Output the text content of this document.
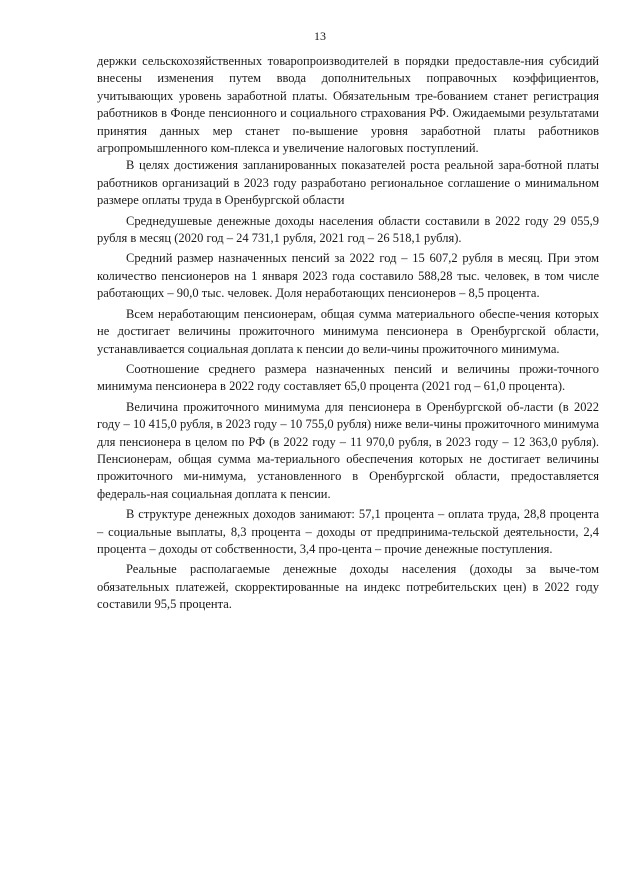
13

держки сельскохозяйственных товаропроизводителей в порядки предоставле-ния субсидий внесены изменения путем ввода дополнительных поправочных коэффициентов, учитывающих уровень заработной платы. Обязательным тре-бованием станет регистрация работников в Фонде пенсионного и социального страхования РФ. Ожидаемыми результатами принятия данных мер станет по-вышение уровня заработной платы работников агропромышленного ком-плекса и увеличение налоговых поступлений.

В целях достижения запланированных показателей роста реальной зара-ботной платы работников организаций в 2023 году разработано региональное соглашение о минимальном размере оплаты труда в Оренбургской области

Среднедушевые денежные доходы населения области составили в 2022 году 29 055,9 рубля в месяц (2020 год – 24 731,1 рубля, 2021 год – 26 518,1 рубля).

Средний размер назначенных пенсий за 2022 год – 15 607,2 рубля в месяц. При этом количество пенсионеров на 1 января 2023 года составило 588,28 тыс. человек, в том числе работающих – 90,0 тыс. человек. Доля неработающих пенсионеров – 8,5 процента.

Всем неработающим пенсионерам, общая сумма материального обеспе-чения которых не достигает величины прожиточного минимума пенсионера в Оренбургской области, устанавливается социальная доплата к пенсии до вели-чины прожиточного минимума.

Соотношение среднего размера назначенных пенсий и величины прожи-точного минимума пенсионера в 2022 году составляет 65,0 процента (2021 год – 61,0 процента).

Величина прожиточного минимума для пенсионера в Оренбургской об-ласти (в 2022 году – 10 415,0 рубля, в 2023 году – 10 755,0 рубля) ниже вели-чины прожиточного минимума для пенсионера в целом по РФ (в 2022 году – 11 970,0 рубля, в 2023 году – 12 363,0 рубля). Пенсионерам, общая сумма ма-териального обеспечения которых не достигает величины прожиточного ми-нимума, установленного в Оренбургской области, предоставляется федераль-ная социальная доплата к пенсии.

В структуре денежных доходов занимают: 57,1 процента – оплата труда, 28,8 процента – социальные выплаты, 8,3 процента – доходы от предпринима-тельской деятельности, 2,4 процента – доходы от собственности, 3,4 про-цента – прочие денежные поступления.

Реальные располагаемые денежные доходы населения (доходы за выче-том обязательных платежей, скорректированные на индекс потребительских цен) в 2022 году составили 95,5 процента.
